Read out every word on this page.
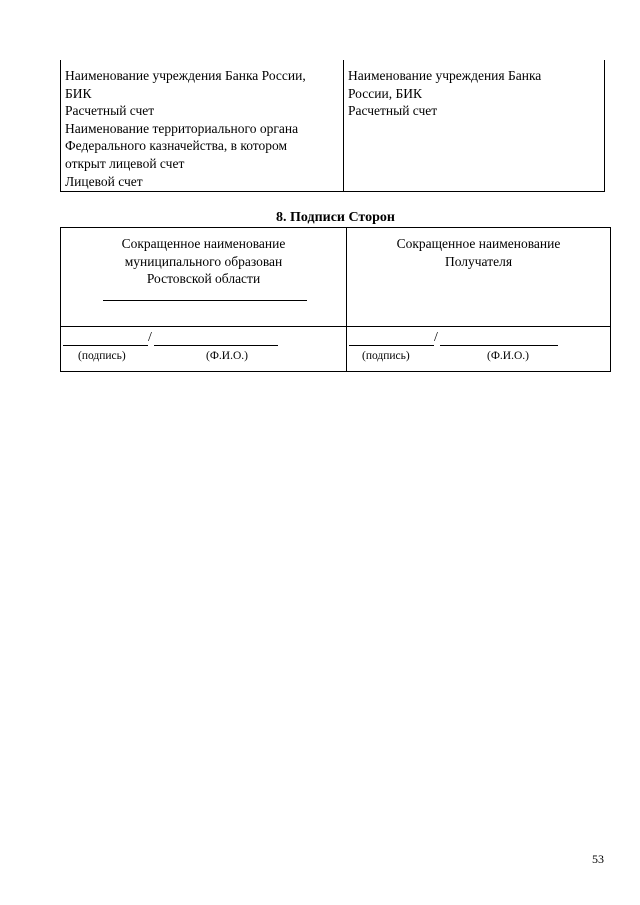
Наименование учреждения Банка России,
БИК
Расчетный счет
Наименование территориального органа
Федерального казначейства, в котором
открыт лицевой счет
Лицевой счет
Наименование учреждения Банка
России, БИК
Расчетный счет
8. Подписи Сторон
Сокращенное наименование
муниципального образован
Ростовской области
Сокращенное наименование
Получателя
/
(подпись)	(Ф.И.О.)
/
(подпись)	(Ф.И.О.)
53
